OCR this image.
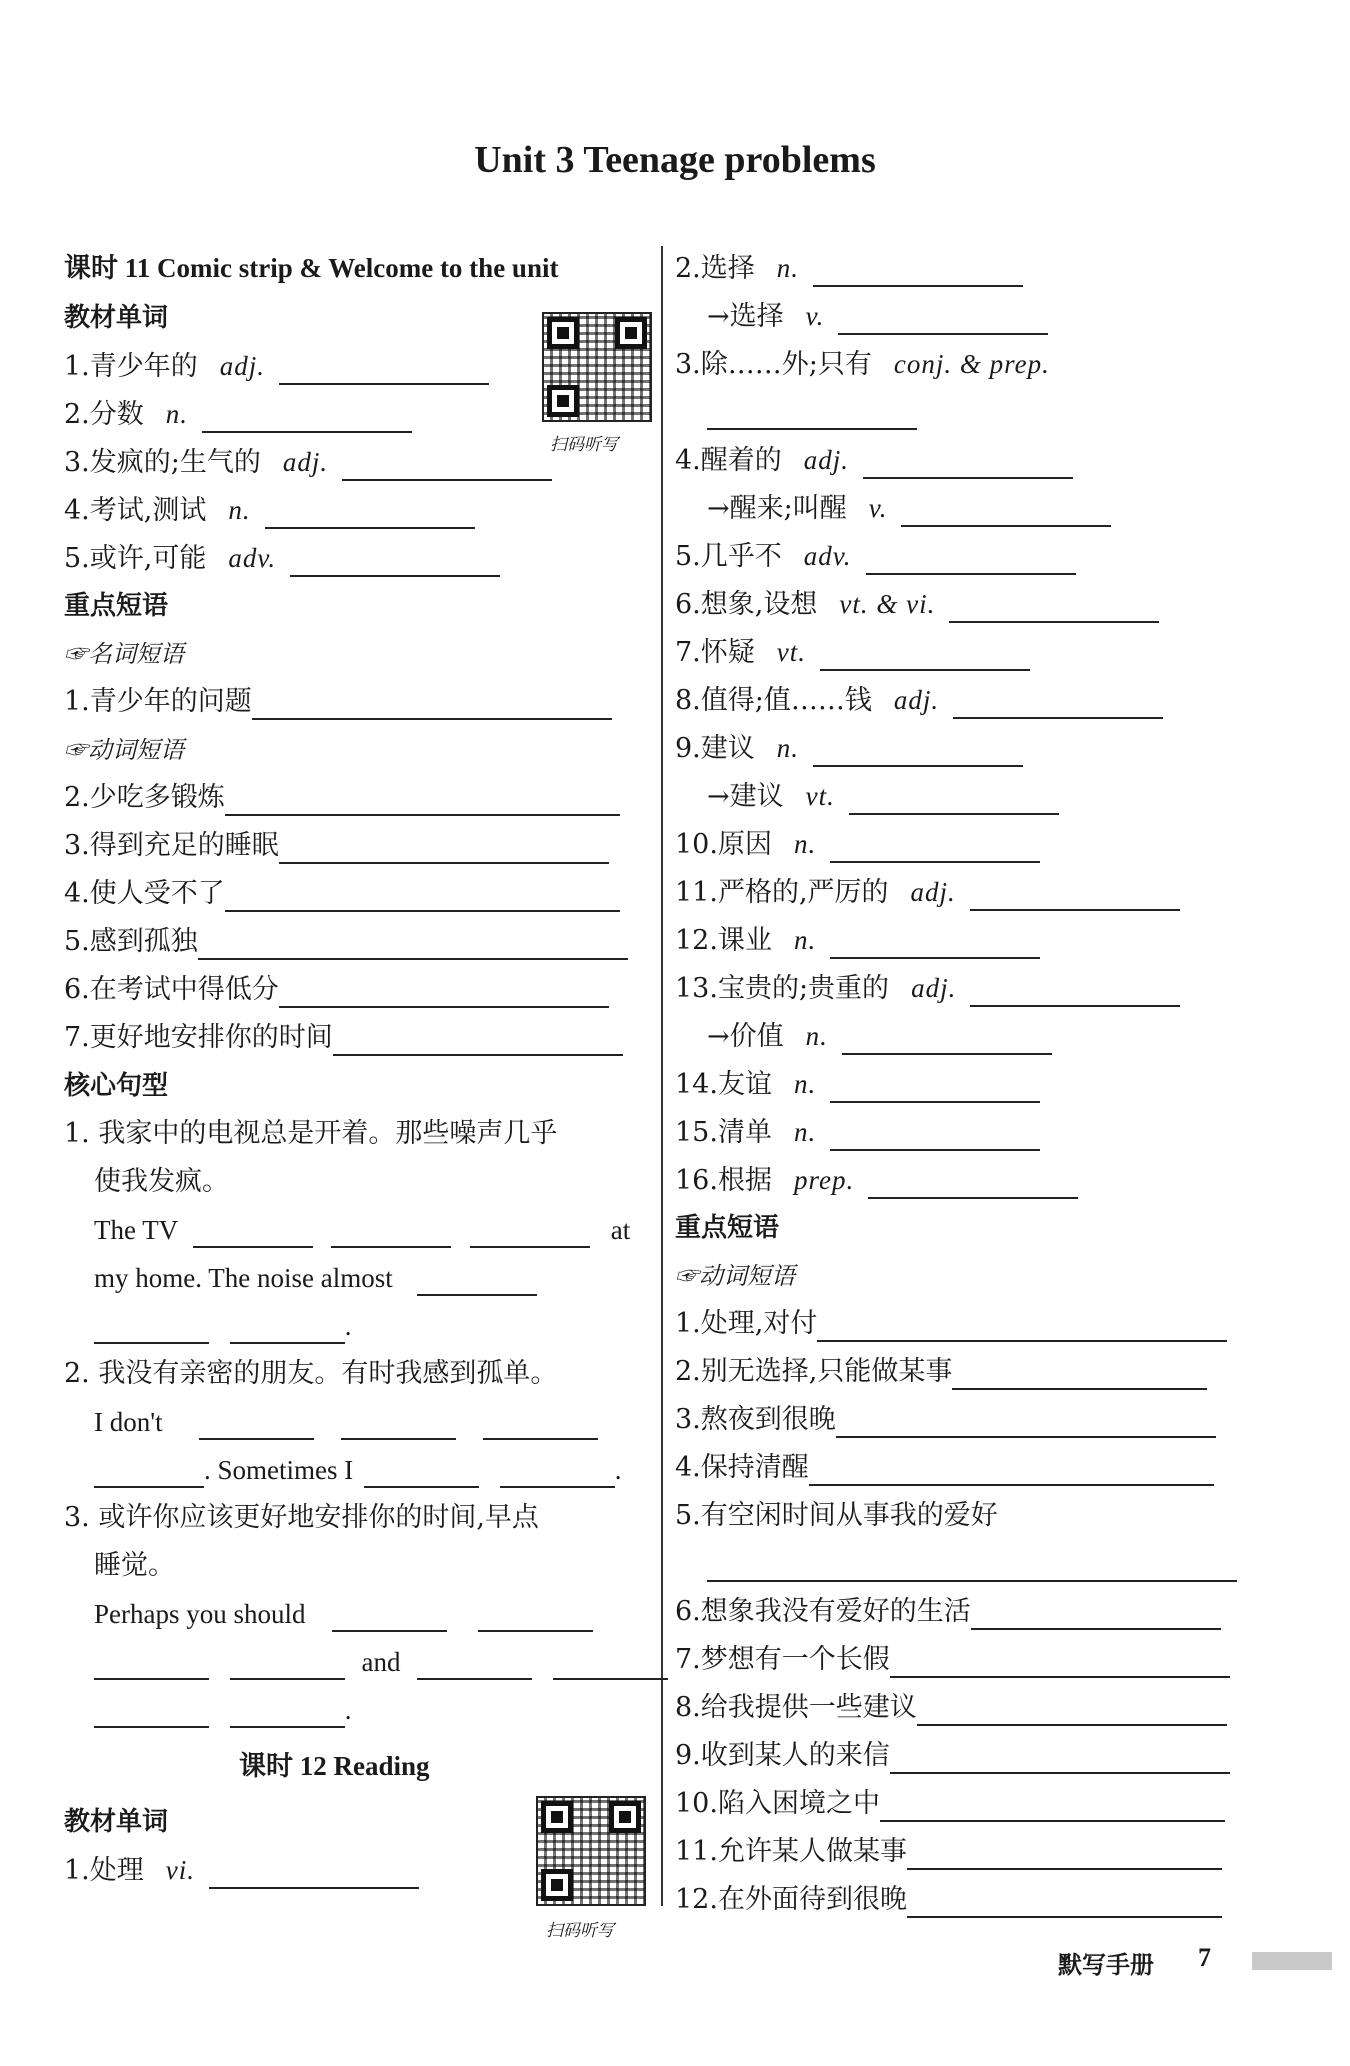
Unit 3 Teenage problems
课时 11 Comic strip & Welcome to the unit
教材单词
1.青少年的 adj.
2.分数 n.
3.发疯的;生气的 adj.
4.考试,测试 n.
5.或许,可能 adv.
扫码听写
重点短语
☞名词短语
1.青少年的问题
☞动词短语
2.少吃多锻炼
3.得到充足的睡眠
4.使人受不了
5.感到孤独
6.在考试中得低分
7.更好地安排你的时间
核心句型
1. 我家中的电视总是开着。那些噪声几乎
使我发疯。
The TV	at
my home. The noise almost
.
2. 我没有亲密的朋友。有时我感到孤单。
I don't
. Sometimes I	.
3. 或许你应该更好地安排你的时间,早点
睡觉。
Perhaps you should
and
.
课时 12 Reading
教材单词
1.处理 vi.
扫码听写
2.选择 n.
→选择 v.
3.除……外;只有 conj. & prep.
4.醒着的 adj.
→醒来;叫醒 v.
5.几乎不 adv.
6.想象,设想 vt. & vi.
7.怀疑 vt.
8.值得;值……钱 adj.
9.建议 n.
→建议 vt.
10.原因 n.
11.严格的,严厉的 adj.
12.课业 n.
13.宝贵的;贵重的 adj.
→价值 n.
14.友谊 n.
15.清单 n.
16.根据 prep.
重点短语
☞动词短语
1.处理,对付
2.别无选择,只能做某事
3.熬夜到很晚
4.保持清醒
5.有空闲时间从事我的爱好
6.想象我没有爱好的生活
7.梦想有一个长假
8.给我提供一些建议
9.收到某人的来信
10.陷入困境之中
11.允许某人做某事
12.在外面待到很晚
默写手册 7
